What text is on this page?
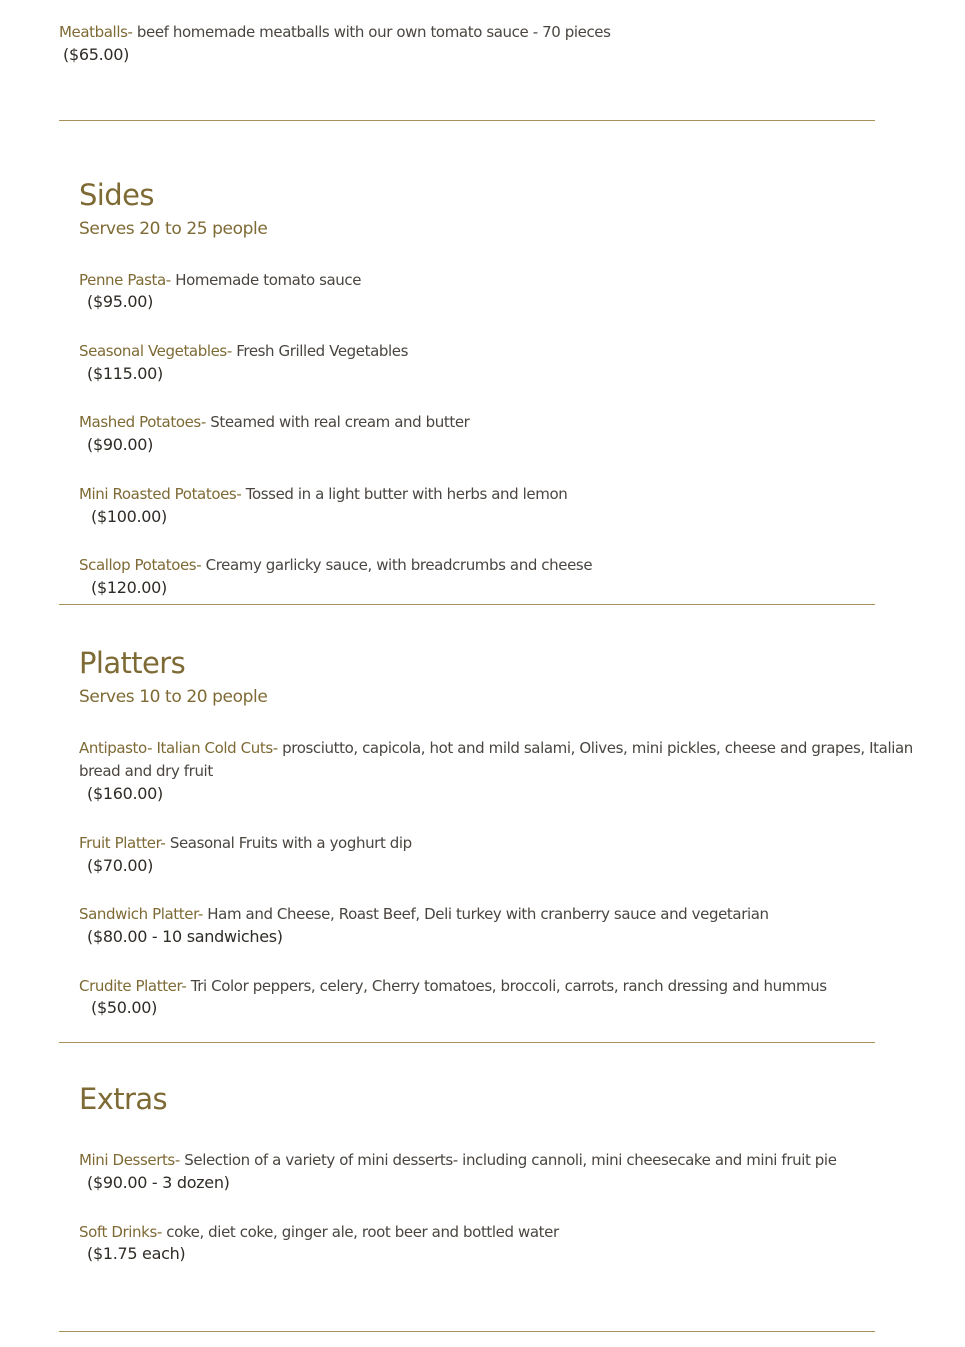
Meatballs- beef homemade meatballs with our own tomato sauce - 70 pieces
($65.00)
Sides
Serves 20 to 25 people
Penne Pasta- Homemade tomato sauce
($95.00)
Seasonal Vegetables- Fresh Grilled Vegetables
($115.00)
Mashed Potatoes- Steamed with real cream and butter
($90.00)
Mini Roasted Potatoes- Tossed in a light butter with herbs and lemon
($100.00)
Scallop Potatoes- Creamy garlicky sauce, with breadcrumbs and cheese
($120.00)
Platters
Serves 10 to 20 people
Antipasto- Italian Cold Cuts- prosciutto, capicola, hot and mild salami, Olives, mini pickles, cheese and grapes, Italian bread and dry fruit
($160.00)
Fruit Platter- Seasonal Fruits with a yoghurt dip
($70.00)
Sandwich Platter- Ham and Cheese, Roast Beef, Deli turkey with cranberry sauce and vegetarian
($80.00 - 10 sandwiches)
Crudite Platter- Tri Color peppers, celery, Cherry tomatoes, broccoli, carrots, ranch dressing and hummus
($50.00)
Extras
Mini Desserts- Selection of a variety of mini desserts- including cannoli, mini cheesecake and mini fruit pie
($90.00 - 3 dozen)
Soft Drinks- coke, diet coke, ginger ale, root beer and bottled water
($1.75 each)
